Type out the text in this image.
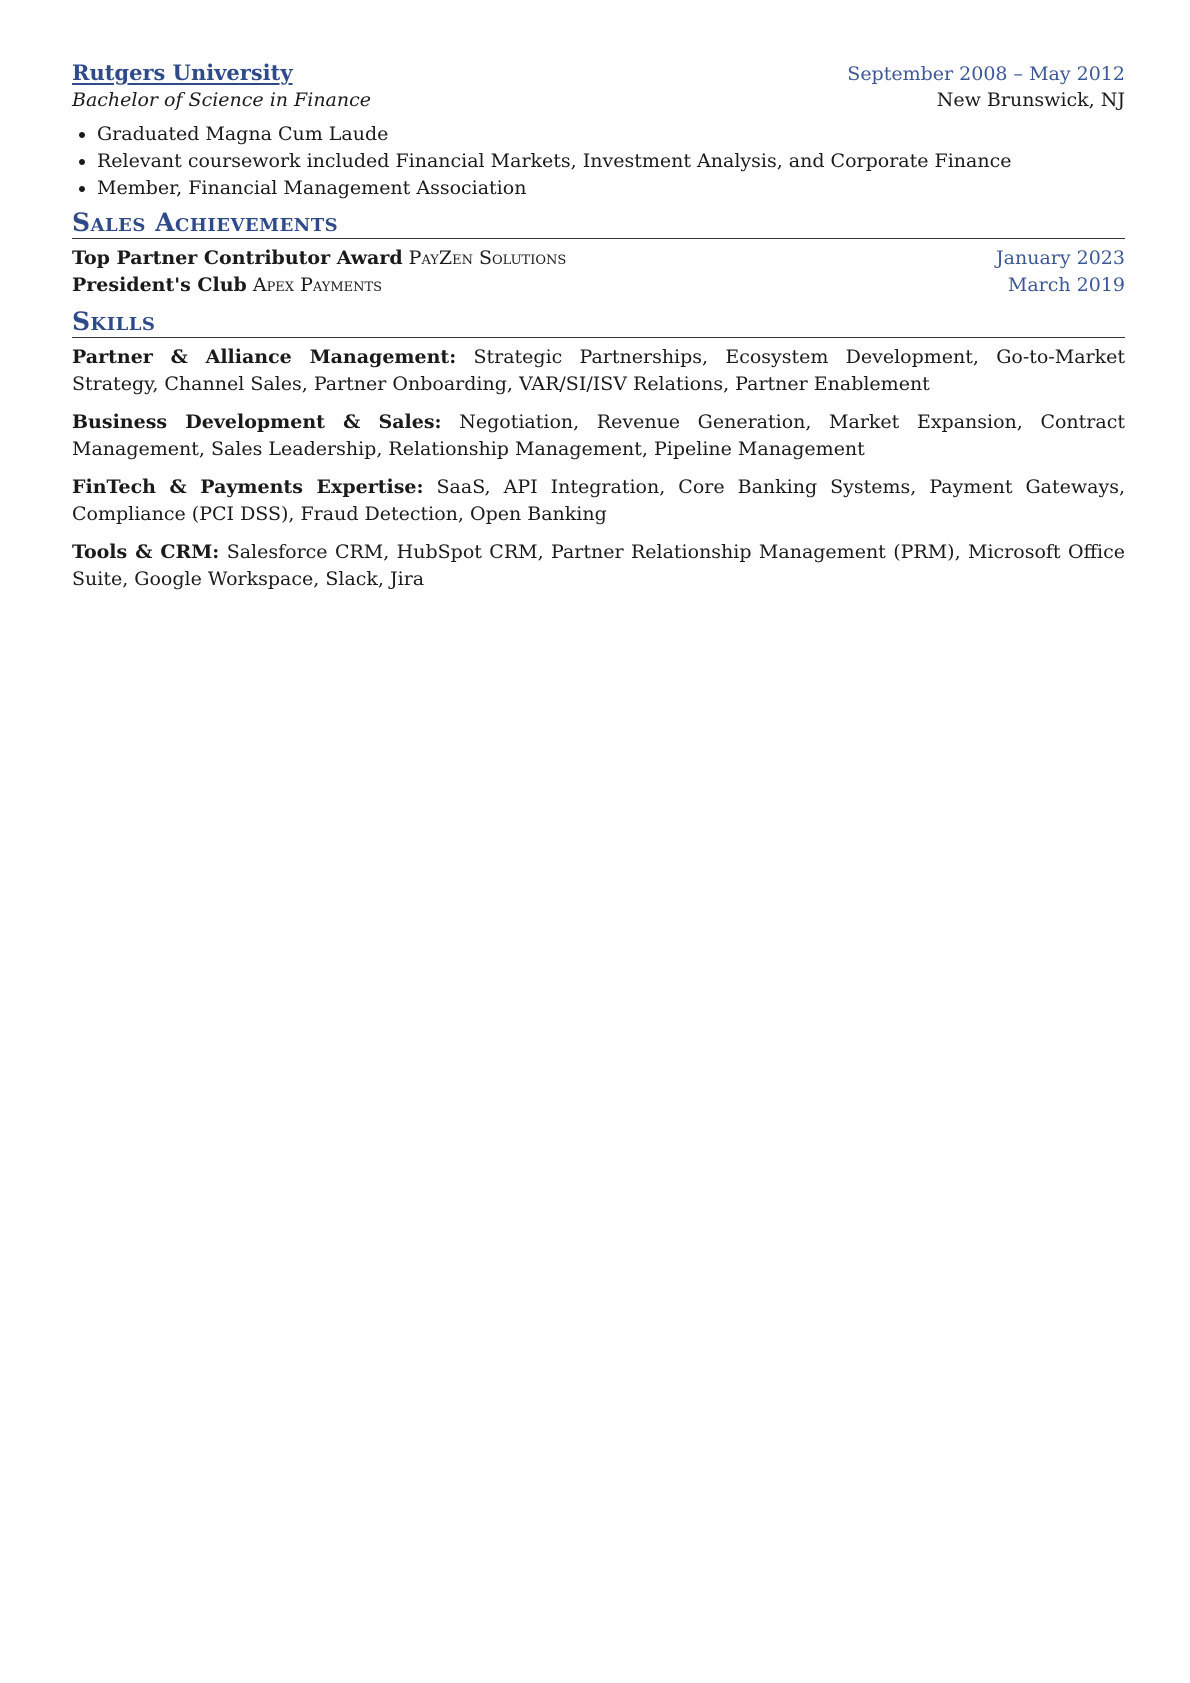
Rutgers University	September 2008 – May 2012
Bachelor of Science in Finance	New Brunswick, NJ
• Graduated Magna Cum Laude
• Relevant coursework included Financial Markets, Investment Analysis, and Corporate Finance
• Member, Financial Management Association
Sales Achievements
Top Partner Contributor Award PayZen Solutions	January 2023
President's Club Apex Payments	March 2019
Skills
Partner & Alliance Management: Strategic Partnerships, Ecosystem Development, Go-to-Market Strategy, Channel Sales, Partner Onboarding, VAR/SI/ISV Relations, Partner Enablement
Business Development & Sales: Negotiation, Revenue Generation, Market Expansion, Contract Management, Sales Leadership, Relationship Management, Pipeline Management
FinTech & Payments Expertise: SaaS, API Integration, Core Banking Systems, Payment Gateways, Compliance (PCI DSS), Fraud Detection, Open Banking
Tools & CRM: Salesforce CRM, HubSpot CRM, Partner Relationship Management (PRM), Microsoft Office Suite, Google Workspace, Slack, Jira
